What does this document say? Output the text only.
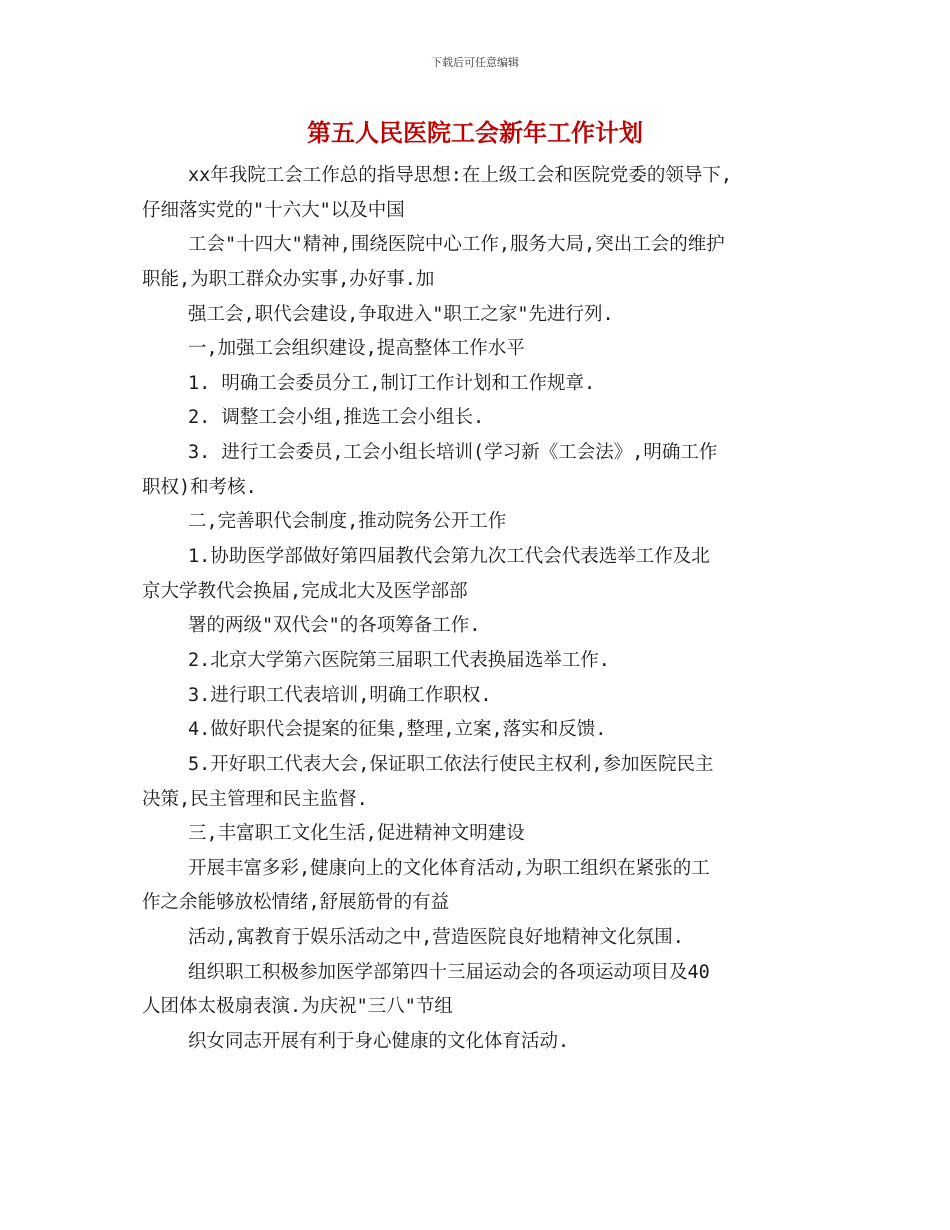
下载后可任意编辑
第五人民医院工会新年工作计划
xx年我院工会工作总的指导思想:在上级工会和医院党委的领导下,
仔细落实党的"十六大"以及中国
工会"十四大"精神,围绕医院中心工作,服务大局,突出工会的维护
职能,为职工群众办实事,办好事.加
强工会,职代会建设,争取进入"职工之家"先进行列.
一,加强工会组织建设,提高整体工作水平
1. 明确工会委员分工,制订工作计划和工作规章.
2. 调整工会小组,推选工会小组长.
3. 进行工会委员,工会小组长培训(学习新《工会法》,明确工作
职权)和考核.
二,完善职代会制度,推动院务公开工作
1.协助医学部做好第四届教代会第九次工代会代表选举工作及北
京大学教代会换届,完成北大及医学部部
署的两级"双代会"的各项筹备工作.
2.北京大学第六医院第三届职工代表换届选举工作.
3.进行职工代表培训,明确工作职权.
4.做好职代会提案的征集,整理,立案,落实和反馈.
5.开好职工代表大会,保证职工依法行使民主权利,参加医院民主
决策,民主管理和民主监督.
三,丰富职工文化生活,促进精神文明建设
开展丰富多彩,健康向上的文化体育活动,为职工组织在紧张的工
作之余能够放松情绪,舒展筋骨的有益
活动,寓教育于娱乐活动之中,营造医院良好地精神文化氛围.
组织职工积极参加医学部第四十三届运动会的各项运动项目及40
人团体太极扇表演.为庆祝"三八"节组
织女同志开展有利于身心健康的文化体育活动.
